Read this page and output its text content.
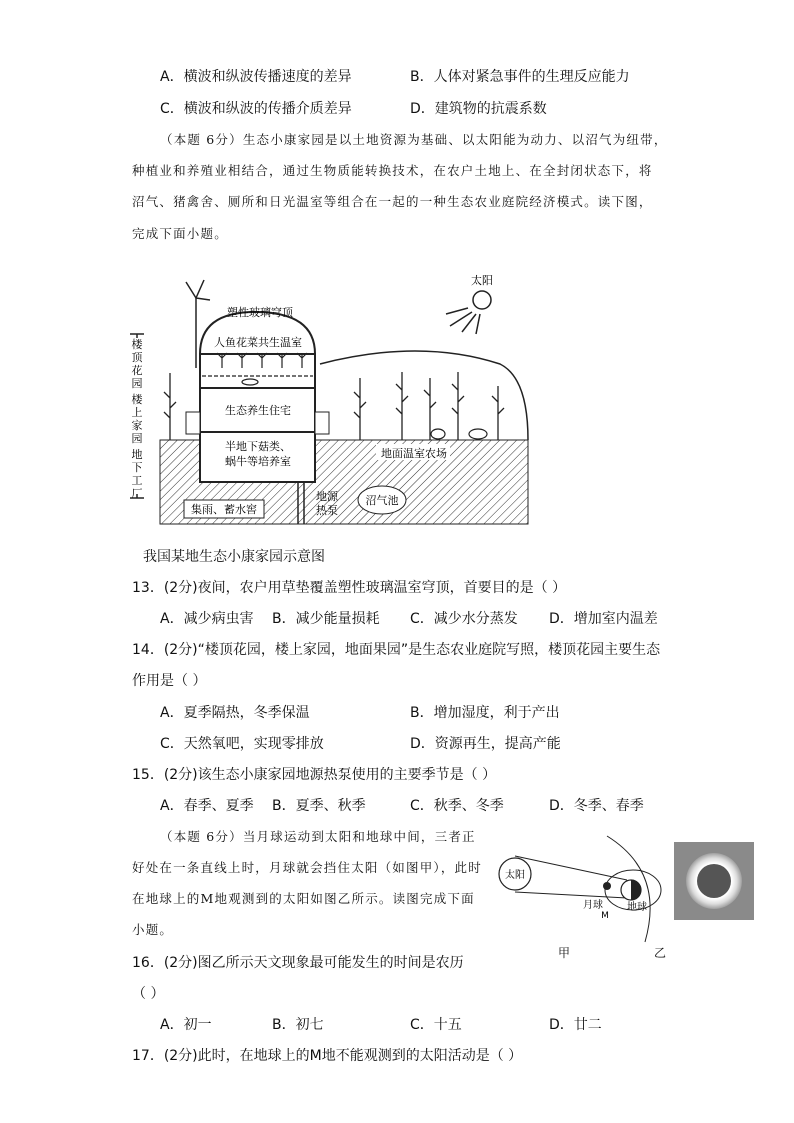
A．横波和纵波传播速度的差异	B．人体对紧急事件的生理反应能力
C．横波和纵波的传播介质差异	D．建筑物的抗震系数
（本题 6分）生态小康家园是以土地资源为基础、以太阳能为动力、以沼气为纽带，
种植业和养殖业相结合，通过生物质能转换技术，在农户土地上、在全封闭状态下，将
沼气、猪禽舍、厕所和日光温室等组合在一起的一种生态农业庭院经济模式。读下图，
完成下面小题。
太阳
塑性玻璃穹顶
人鱼花菜共生温室
生态养生住宅
半地下菇类、
蜗牛等培养室
地面温室农场
集雨、蓄水窖
地源
热泵
沼气池
楼
顶
花
园
楼
上
家
园
地
下
工
厂
我国某地生态小康家园示意图
13．(2分)夜间，农户用草垫覆盖塑性玻璃温室穹顶，首要目的是（ ）
A．减少病虫害 B．减少能量损耗 C．减少水分蒸发 D．增加室内温差
14．(2分)“楼顶花园，楼上家园，地面果园”是生态农业庭院写照，楼顶花园主要生态
作用是（ ）
A．夏季隔热，冬季保温	B．增加湿度，利于产出
C．天然氧吧，实现零排放	D．资源再生，提高产能
15．(2分)该生态小康家园地源热泵使用的主要季节是（ ）
A．春季、夏季 B．夏季、秋季	C．秋季、冬季	D．冬季、春季
（本题 6分）当月球运动到太阳和地球中间，三者正
好处在一条直线上时，月球就会挡住太阳（如图甲），此时
在地球上的M地观测到的太阳如图乙所示。读图完成下面
小题。
太阳
月球
M
地球
甲	乙
16．(2分)图乙所示天文现象最可能发生的时间是农历
（ ）
A．初一	B．初七	C．十五	D．廿二
17．(2分)此时，在地球上的M地不能观测到的太阳活动是（ ）
